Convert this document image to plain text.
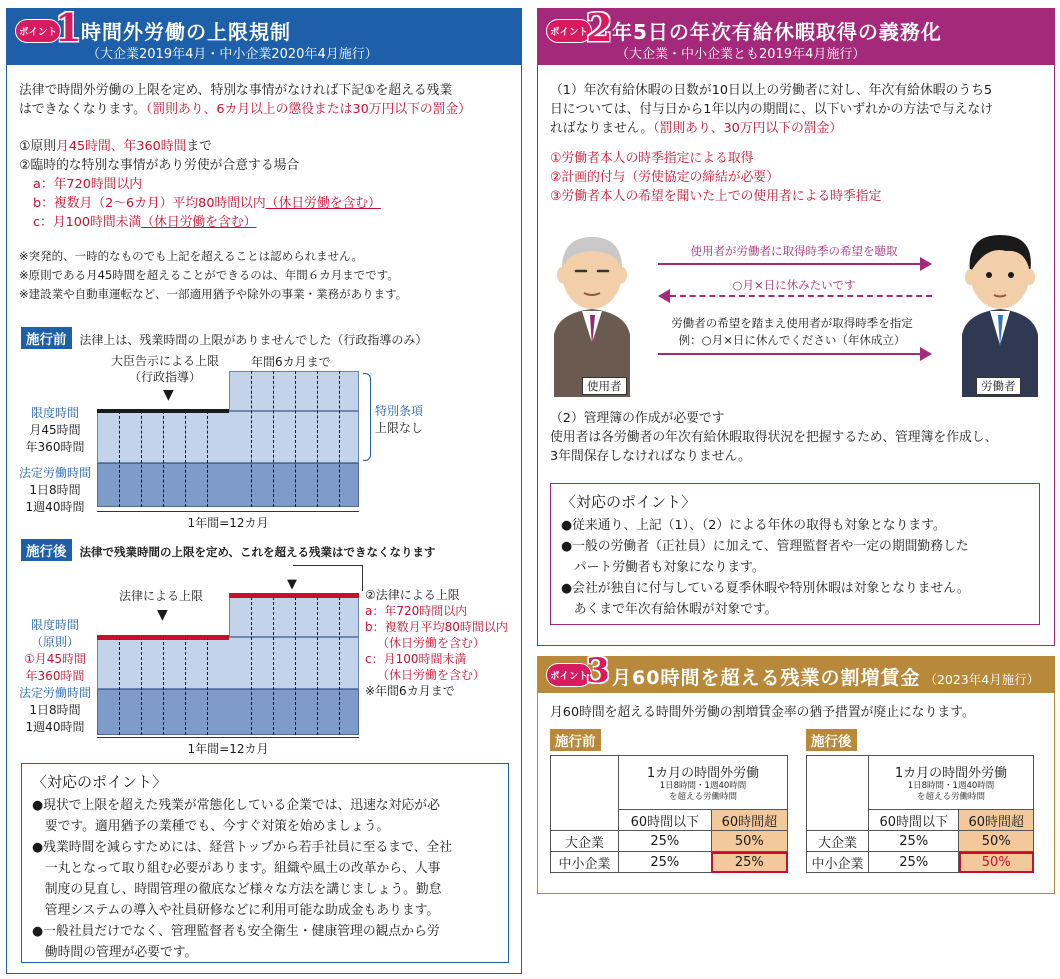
ポイント
1 時間外労働の上限規制
（大企業2019年4月・中小企業2020年4月施行）
法律で時間外労働の上限を定め、特別な事情がなければ下記①を超える残業
はできなくなります。（罰則あり、6カ月以上の懲役または30万円以下の罰金）
①原則月45時間、年360時間まで
②臨時的な特別な事情があり労使が合意する場合
a：年720時間以内
b：複数月（2〜6カ月）平均80時間以内（休日労働を含む）
c：月100時間未満（休日労働を含む）
※突発的、一時的なものでも上記を超えることは認められません。
※原則である月45時間を超えることができるのは、年間６カ月までです。
※建設業や自動車運転など、一部適用猶予や除外の事業・業務があります。
施行前 法律上は、残業時間の上限がありませんでした（行政指導のみ）
大臣告示による上限
（行政指導）
▼
年間6カ月まで
限度時間
月45時間
年360時間
特別条項
上限なし
法定労働時間
1日8時間
1週40時間
1年間=12カ月
施行後 法律で残業時間の上限を定め、これを超える残業はできなくなります
法律による上限
▼
▼
限度時間
（原則）
①月45時間
年360時間
②法律による上限
a：年720時間以内
b：複数月平均80時間以内
（休日労働を含む）
c：月100時間未満
（休日労働を含む）
※年間6カ月まで
法定労働時間
1日8時間
1週40時間
1年間=12カ月
〈対応のポイント〉
●現状で上限を超えた残業が常態化している企業では、迅速な対応が必
　要です。適用猶予の業種でも、今すぐ対策を始めましょう。
●残業時間を減らすためには、経営トップから若手社員に至るまで、全社
　一丸となって取り組む必要があります。組織や風土の改革から、人事
　制度の見直し、時間管理の徹底など様々な方法を講じましょう。勤怠
　管理システムの導入や社員研修などに利用可能な助成金もあります。
●一般社員だけでなく、管理監督者も安全衛生・健康管理の観点から労
　働時間の管理が必要です。
ポイント
2 年5日の年次有給休暇取得の義務化
（大企業・中小企業とも2019年4月施行）
（1）年次有給休暇の日数が10日以上の労働者に対し、年次有給休暇のうち5
日については、付与日から1年以内の期間に、以下いずれかの方法で与えなけ
ればなりません。（罰則あり、30万円以下の罰金）
①労働者本人の時季指定による取得
②計画的付与（労使協定の締結が必要）
③労働者本人の希望を聞いた上での使用者による時季指定
使用者	労働者
使用者が労働者に取得時季の希望を聴取
○月×日に休みたいです
労働者の希望を踏まえ使用者が取得時季を指定
例：○月×日に休んでください（年休成立）
（2）管理簿の作成が必要です
使用者は各労働者の年次有給休暇取得状況を把握するため、管理簿を作成し、
3年間保存しなければなりません。
〈対応のポイント〉
●従来通り、上記（1）、（2）による年休の取得も対象となります。
●一般の労働者（正社員）に加えて、管理監督者や一定の期間勤務した
　パート労働者も対象になります。
●会社が独自に付与している夏季休暇や特別休暇は対象となりません。
　あくまで年次有給休暇が対象です。
ポイント
3 月60時間を超える残業の割増賃金 （2023年4月施行）
月60時間を超える時間外労働の割増賃金率の猶予措置が廃止になります。
施行前	施行後

	1カ月の時間外労働
1日8時間・1週40時間
を超える労働時間	

	60時間以下	60時間超
大企業	25%	50%
中小企業	25%	25%

	1カ月の時間外労働
1日8時間・1週40時間
を超える労働時間	

	60時間以下	60時間超
大企業	25%	50%
中小企業	25%	50%
